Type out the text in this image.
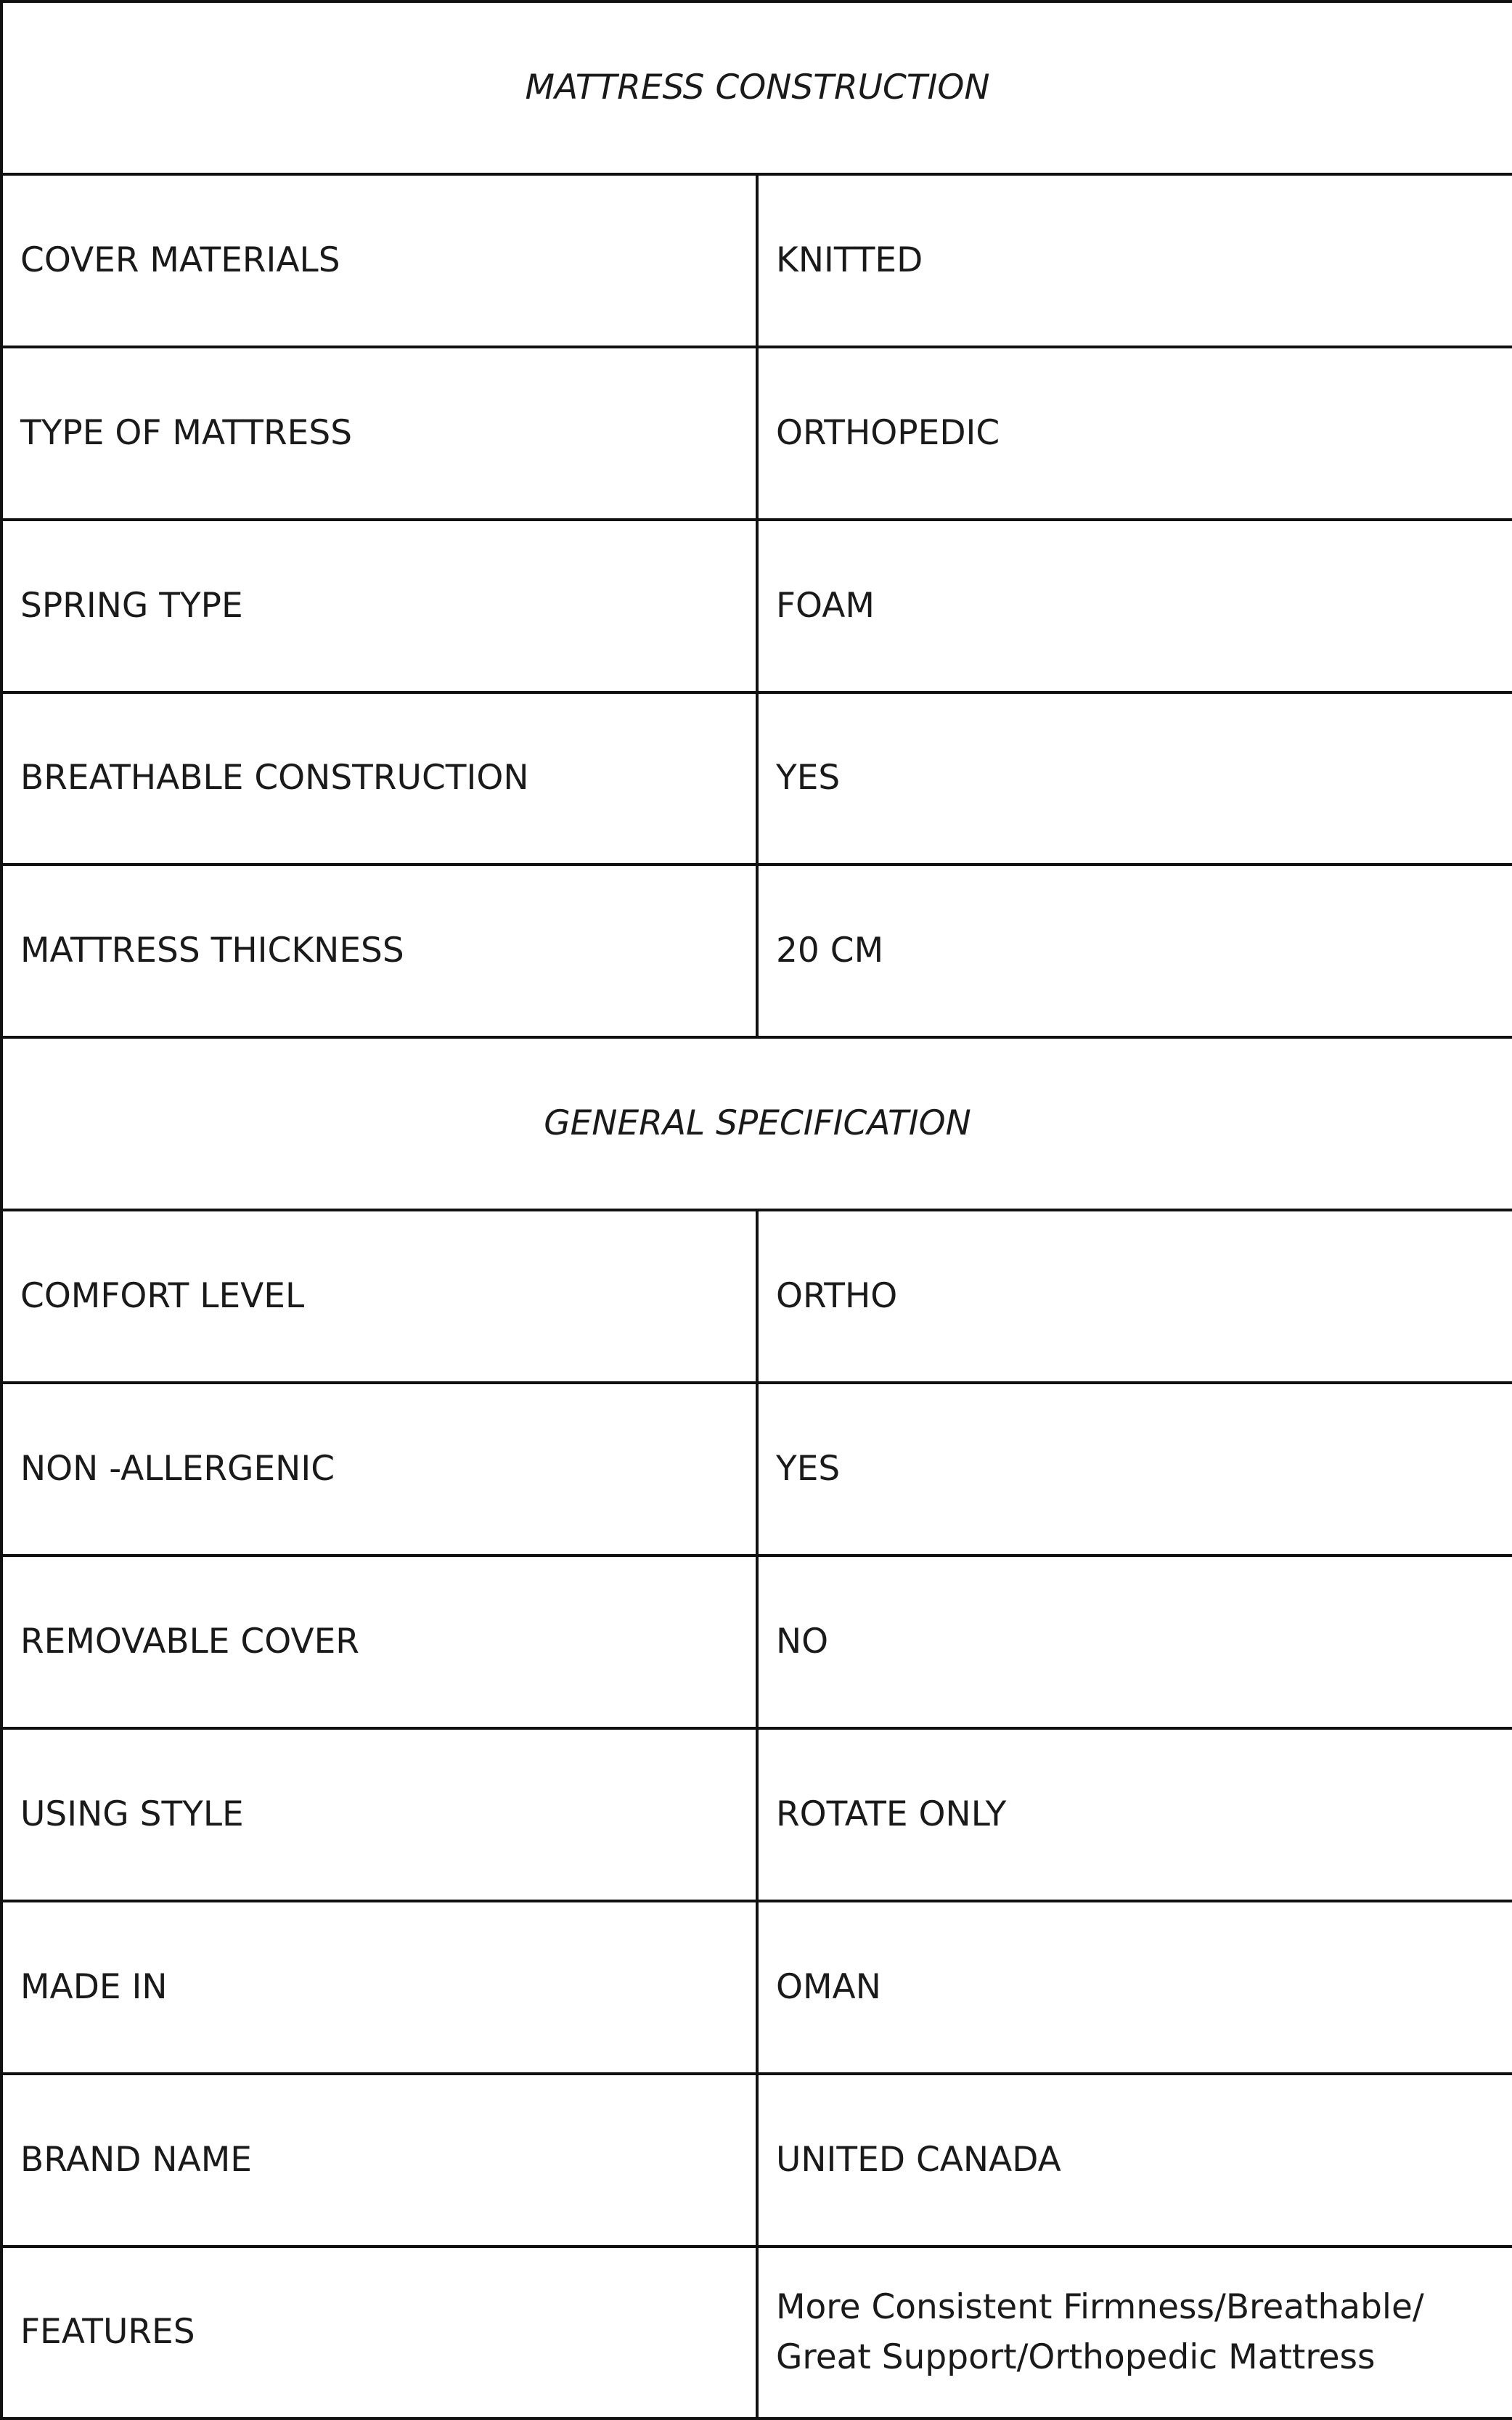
MATTRESS CONSTRUCTION	
COVER MATERIALS	KNITTED
TYPE OF MATTRESS	ORTHOPEDIC
SPRING TYPE	FOAM
BREATHABLE CONSTRUCTION	YES
MATTRESS THICKNESS	20 CM
GENERAL SPECIFICATION	
COMFORT LEVEL	ORTHO
NON -ALLERGENIC	YES
REMOVABLE COVER	NO
USING STYLE	ROTATE ONLY
MADE IN	OMAN
BRAND NAME	UNITED CANADA
FEATURES	More Consistent Firmness/Breathable/
Great Support/Orthopedic Mattress
